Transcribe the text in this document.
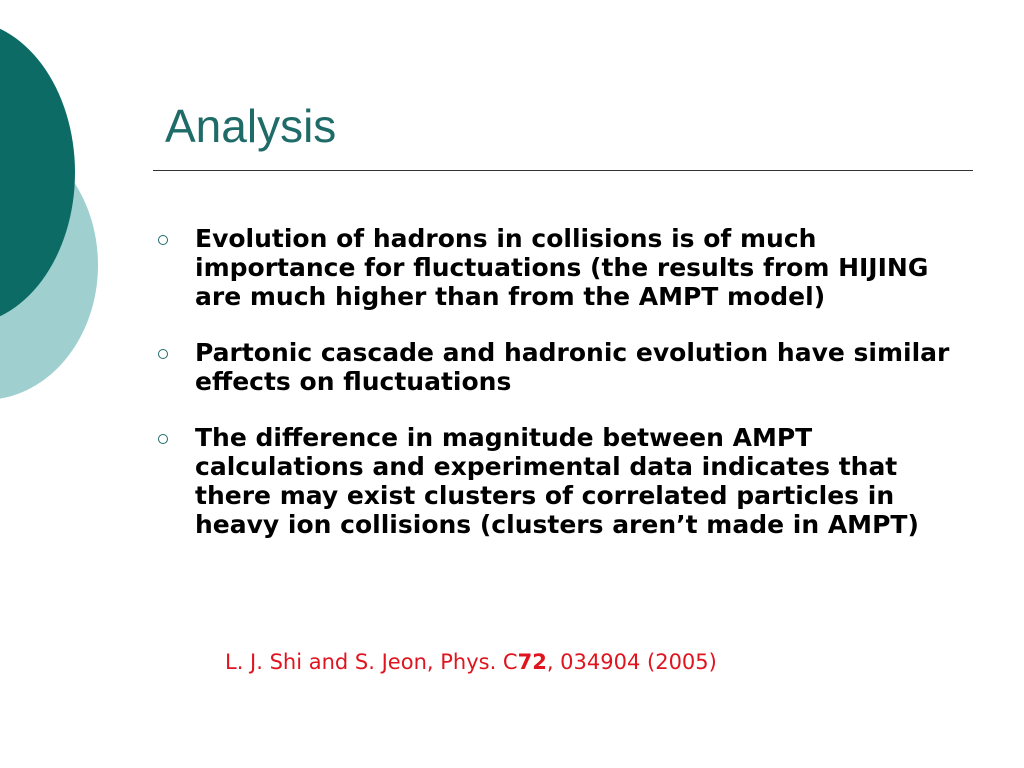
Analysis
Evolution of hadrons in collisions is of much importance for fluctuations (the results from HIJING are much higher than from the AMPT model)
Partonic cascade and hadronic evolution have similar effects on fluctuations
The difference in magnitude between AMPT calculations and experimental data indicates that there may exist clusters of correlated particles in heavy ion collisions (clusters aren’t made in AMPT)

L. J. Shi and S. Jeon, Phys. C72, 034904 (2005)
